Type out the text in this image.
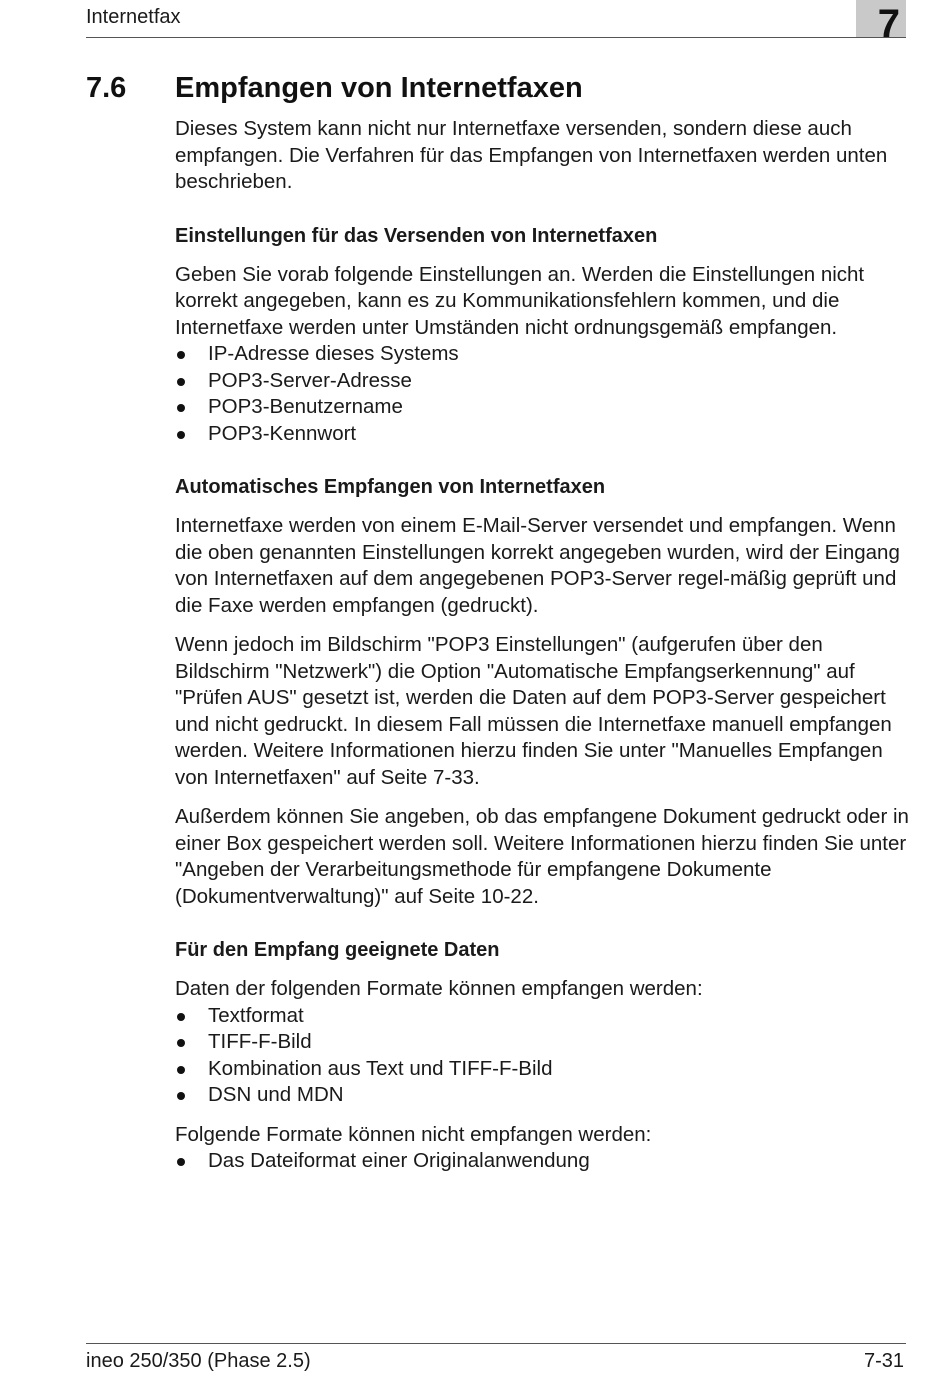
Internetfax	7
7.6 Empfangen von Internetfaxen

Dieses System kann nicht nur Internetfaxe versenden, sondern diese auch empfangen. Die Verfahren für das Empfangen von Internetfaxen werden unten beschrieben.

Einstellungen für das Versenden von Internetfaxen

Geben Sie vorab folgende Einstellungen an. Werden die Einstellungen nicht korrekt angegeben, kann es zu Kommunikationsfehlern kommen, und die Internetfaxe werden unter Umständen nicht ordnungsgemäß empfangen.

IP-Adresse dieses Systems
POP3-Server-Adresse
POP3-Benutzername
POP3-Kennwort
Automatisches Empfangen von Internetfaxen

Internetfaxe werden von einem E-Mail-Server versendet und empfangen. Wenn die oben genannten Einstellungen korrekt angegeben wurden, wird der Eingang von Internetfaxen auf dem angegebenen POP3-Server regel-mäßig geprüft und die Faxe werden empfangen (gedruckt).

Wenn jedoch im Bildschirm "POP3 Einstellungen" (aufgerufen über den Bildschirm "Netzwerk") die Option "Automatische Empfangserkennung" auf "Prüfen AUS" gesetzt ist, werden die Daten auf dem POP3-Server gespeichert und nicht gedruckt. In diesem Fall müssen die Internetfaxe manuell empfangen werden. Weitere Informationen hierzu finden Sie unter "Manuelles Empfangen von Internetfaxen" auf Seite 7-33.

Außerdem können Sie angeben, ob das empfangene Dokument gedruckt oder in einer Box gespeichert werden soll. Weitere Informationen hierzu finden Sie unter "Angeben der Verarbeitungsmethode für empfangene Dokumente (Dokumentverwaltung)" auf Seite 10-22.

Für den Empfang geeignete Daten

Daten der folgenden Formate können empfangen werden:

Textformat
TIFF-F-Bild
Kombination aus Text und TIFF-F-Bild
DSN und MDN

Folgende Formate können nicht empfangen werden:

Das Dateiformat einer Originalanwendung
ineo 250/350 (Phase 2.5)	7-31
